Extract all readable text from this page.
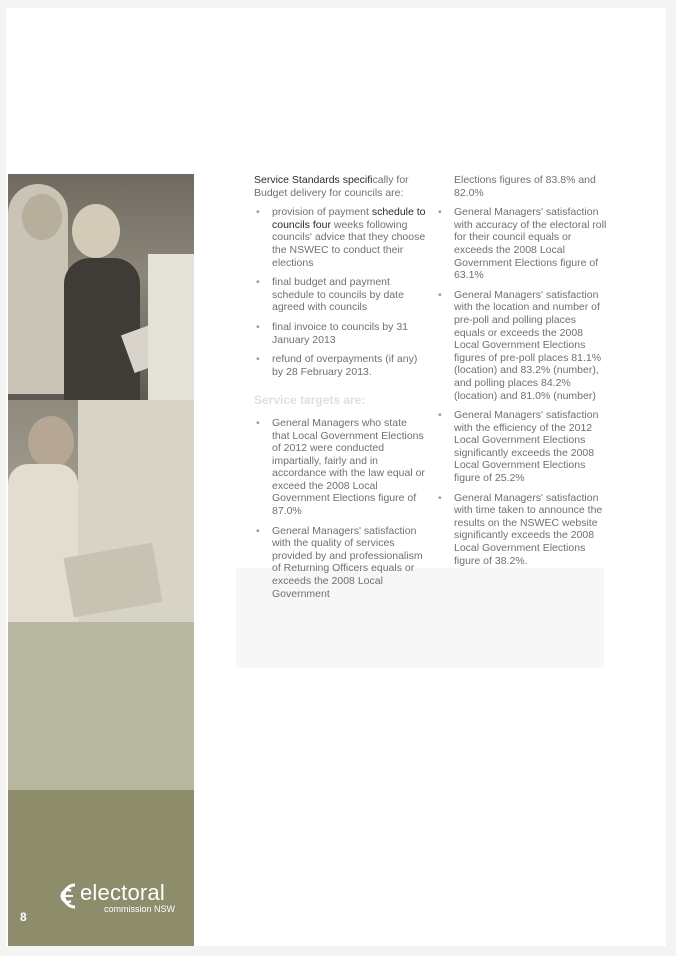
electoral
commission NSW
8

Service Standards specifically for Budget delivery for councils are:

• provision of payment schedule to councils four weeks following councils' advice that they choose the NSWEC to conduct their elections
• final budget and payment schedule to councils by date agreed with councils
• final invoice to councils by 31 January 2013
• refund of overpayments (if any) by 28 February 2013.
Service targets are:
• General Managers who state that Local Government Elections of 2012 were conducted impartially, fairly and in accordance with the law equal or exceed the 2008 Local Government Elections figure of 87.0%
• General Managers' satisfaction with the quality of services provided by and professionalism of Returning Officers equals or exceeds the 2008 Local Government

Elections figures of 83.8% and 82.0%

• General Managers' satisfaction with accuracy of the electoral roll for their council equals or exceeds the 2008 Local Government Elections figure of 63.1%
• General Managers' satisfaction with the location and number of pre-poll and polling places equals or exceeds the 2008 Local Government Elections figures of pre-poll places 81.1% (location) and 83.2% (number), and polling places 84.2% (location) and 81.0% (number)
• General Managers' satisfaction with the efficiency of the 2012 Local Government Elections significantly exceeds the 2008 Local Government Elections figure of 25.2%
• General Managers' satisfaction with time taken to announce the results on the NSWEC website significantly exceeds the 2008 Local Government Elections figure of 38.2%.
